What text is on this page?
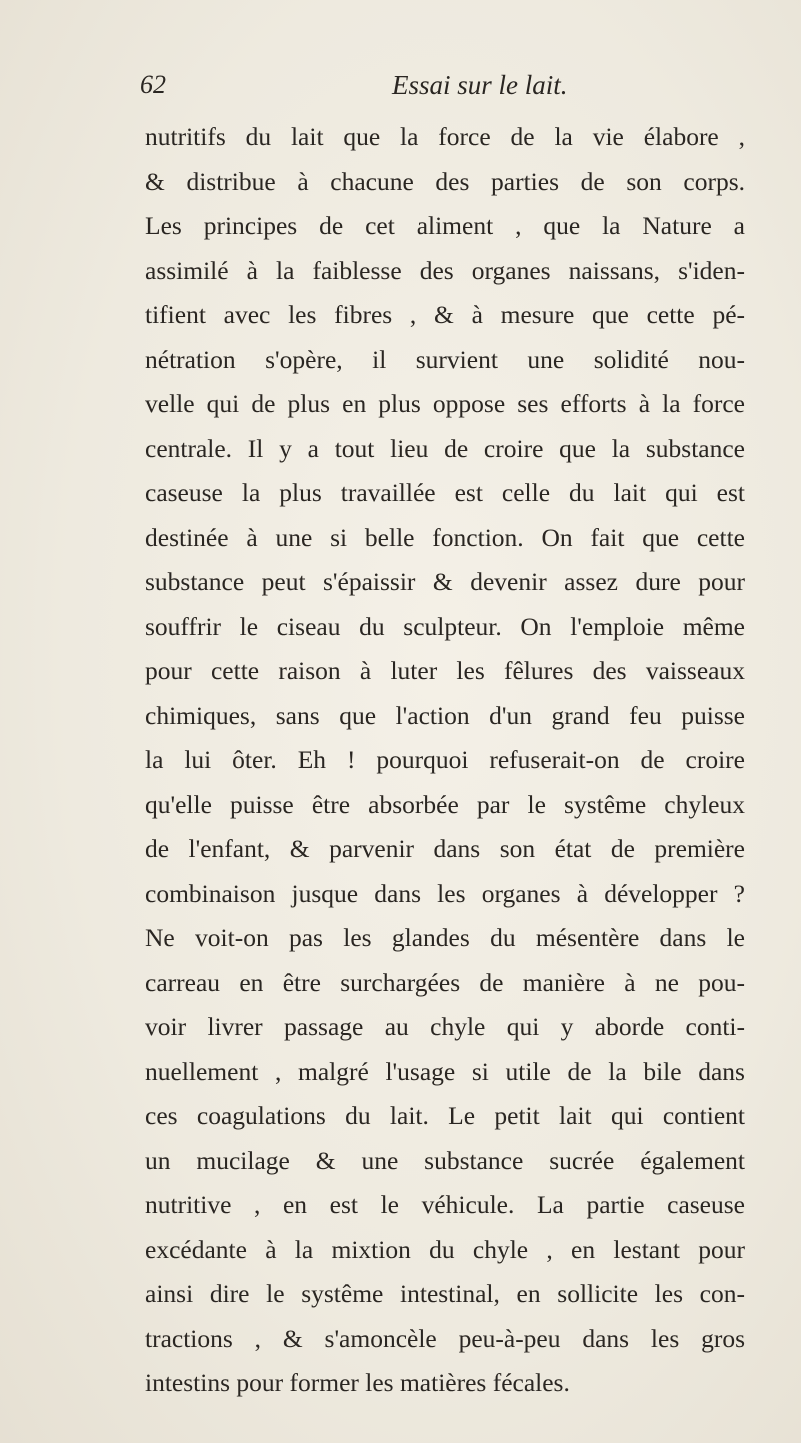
62	Essai sur le lait.
nutritifs du lait que la force de la vie élabore ,
& distribue à chacune des parties de son corps.
Les principes de cet aliment , que la Nature a
assimilé à la faiblesse des organes naissans, s'iden-
tifient avec les fibres , & à mesure que cette pé-
nétration s'opère, il survient une solidité nou-
velle qui de plus en plus oppose ses efforts à la force
centrale. Il y a tout lieu de croire que la substance
caseuse la plus travaillée est celle du lait qui est
destinée à une si belle fonction. On fait que cette
substance peut s'épaissir & devenir assez dure pour
souffrir le ciseau du sculpteur. On l'emploie même
pour cette raison à luter les fêlures des vaisseaux
chimiques, sans que l'action d'un grand feu puisse
la lui ôter. Eh ! pourquoi refuserait-on de croire
qu'elle puisse être absorbée par le systême chyleux
de l'enfant, & parvenir dans son état de première
combinaison jusque dans les organes à développer ?
Ne voit-on pas les glandes du mésentère dans le
carreau en être surchargées de manière à ne pou-
voir livrer passage au chyle qui y aborde conti-
nuellement , malgré l'usage si utile de la bile dans
ces coagulations du lait. Le petit lait qui contient
un mucilage & une substance sucrée également
nutritive , en est le véhicule. La partie caseuse
excédante à la mixtion du chyle , en lestant pour
ainsi dire le systême intestinal, en sollicite les con-
tractions , & s'amoncèle peu-à-peu dans les gros
intestins pour former les matières fécales.
